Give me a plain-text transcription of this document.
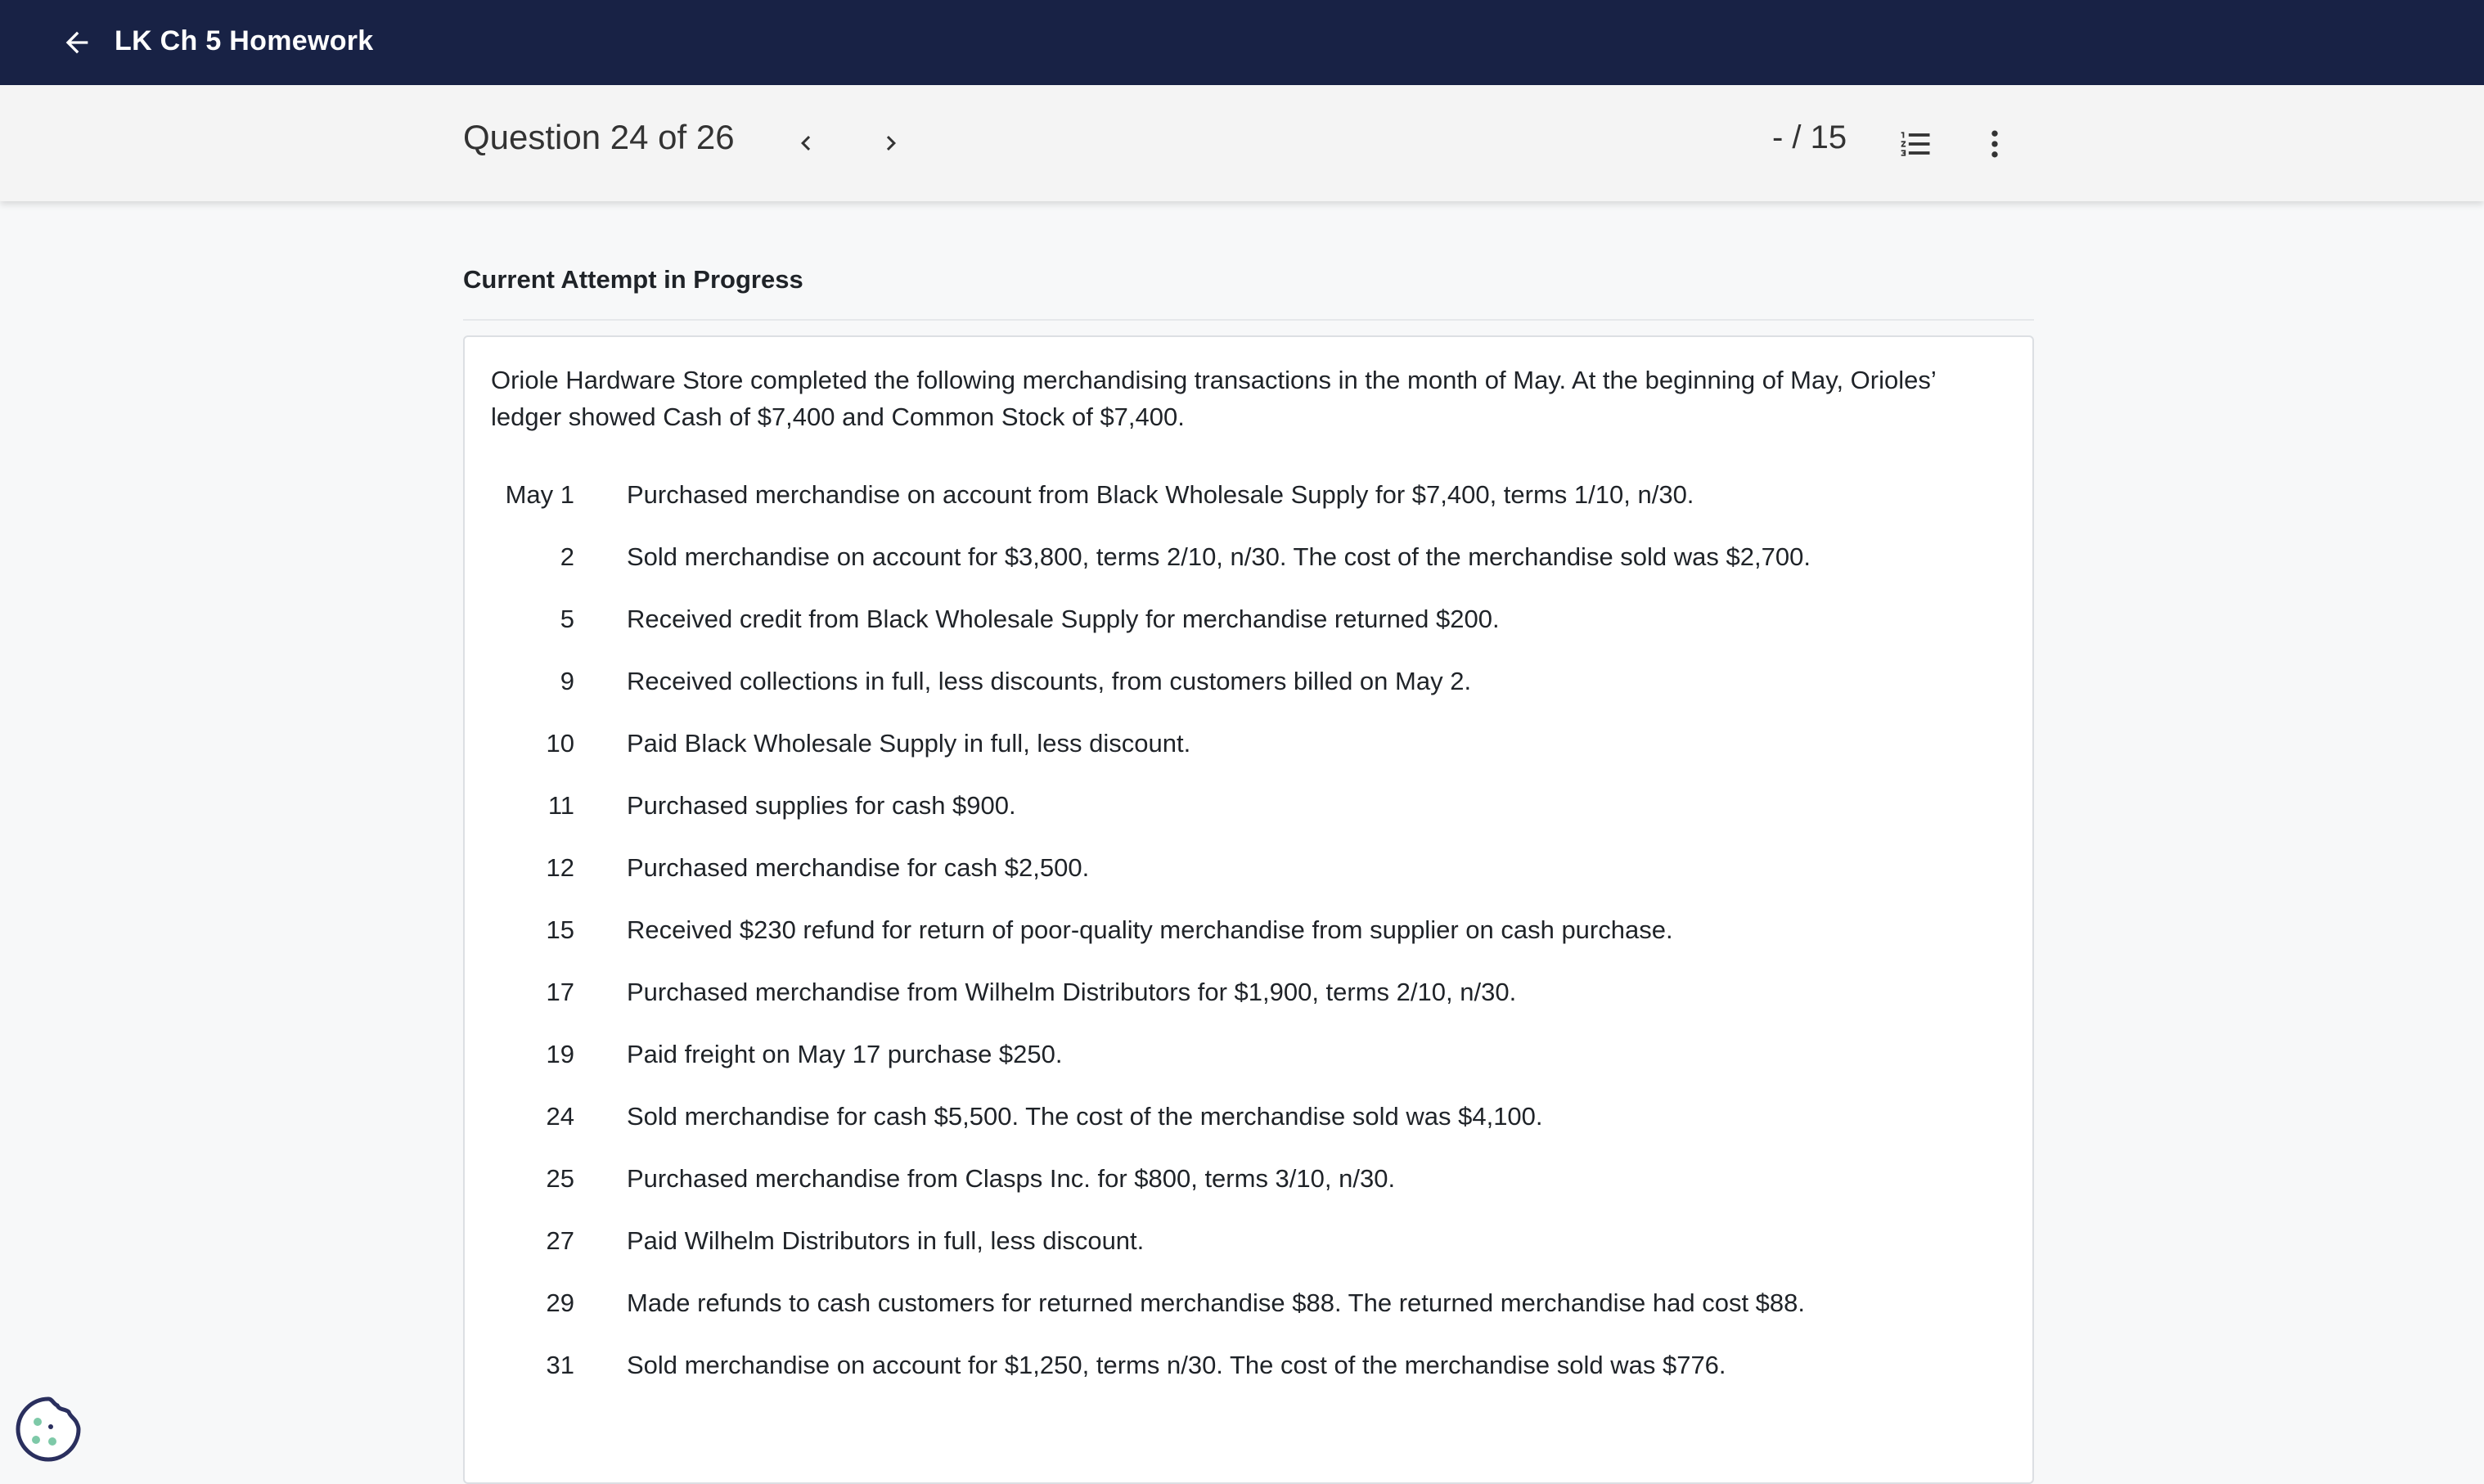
LK Ch 5 Homework
Question 24 of 26	- / 15
Current Attempt in Progress
Oriole Hardware Store completed the following merchandising transactions in the month of May. At the beginning of May, Orioles’ ledger showed Cash of $7,400 and Common Stock of $7,400.
May 1 Purchased merchandise on account from Black Wholesale Supply for $7,400, terms 1/10, n/30.
2 Sold merchandise on account for $3,800, terms 2/10, n/30. The cost of the merchandise sold was $2,700.
5 Received credit from Black Wholesale Supply for merchandise returned $200.
9 Received collections in full, less discounts, from customers billed on May 2.
10 Paid Black Wholesale Supply in full, less discount.
11 Purchased supplies for cash $900.
12 Purchased merchandise for cash $2,500.
15 Received $230 refund for return of poor-quality merchandise from supplier on cash purchase.
17 Purchased merchandise from Wilhelm Distributors for $1,900, terms 2/10, n/30.
19 Paid freight on May 17 purchase $250.
24 Sold merchandise for cash $5,500. The cost of the merchandise sold was $4,100.
25 Purchased merchandise from Clasps Inc. for $800, terms 3/10, n/30.
27 Paid Wilhelm Distributors in full, less discount.
29 Made refunds to cash customers for returned merchandise $88. The returned merchandise had cost $88.
31 Sold merchandise on account for $1,250, terms n/30. The cost of the merchandise sold was $776.
